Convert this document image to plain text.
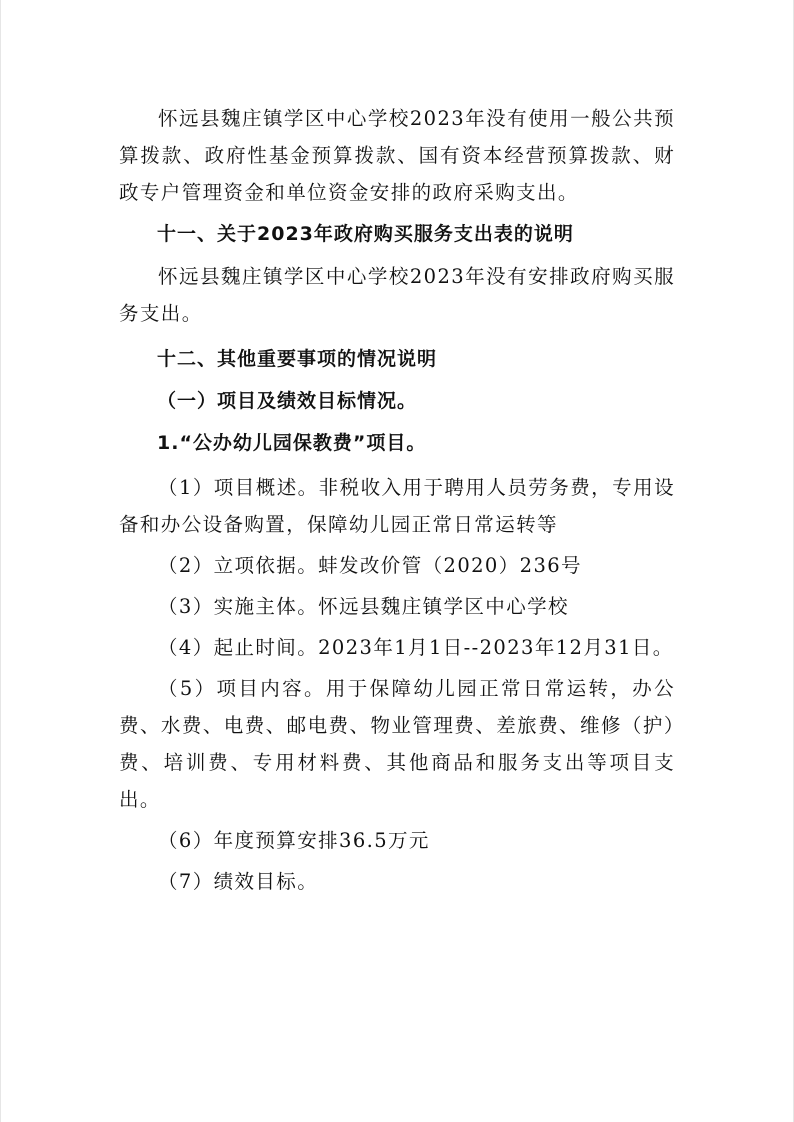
怀远县魏庄镇学区中心学校2023年没有使用一般公共预算拨款、政府性基金预算拨款、国有资本经营预算拨款、财政专户管理资金和单位资金安排的政府采购支出。

十一、关于2023年政府购买服务支出表的说明

怀远县魏庄镇学区中心学校2023年没有安排政府购买服务支出。

十二、其他重要事项的情况说明

（一）项目及绩效目标情况。

1.“公办幼儿园保教费”项目。

（1）项目概述。非税收入用于聘用人员劳务费，专用设备和办公设备购置，保障幼儿园正常日常运转等

（2）立项依据。蚌发改价管（2020）236号

（3）实施主体。怀远县魏庄镇学区中心学校

（4）起止时间。2023年1月1日--2023年12月31日。

（5）项目内容。用于保障幼儿园正常日常运转，办公费、水费、电费、邮电费、物业管理费、差旅费、维修（护）费、培训费、专用材料费、其他商品和服务支出等项目支出。

（6）年度预算安排36.5万元

（7）绩效目标。
